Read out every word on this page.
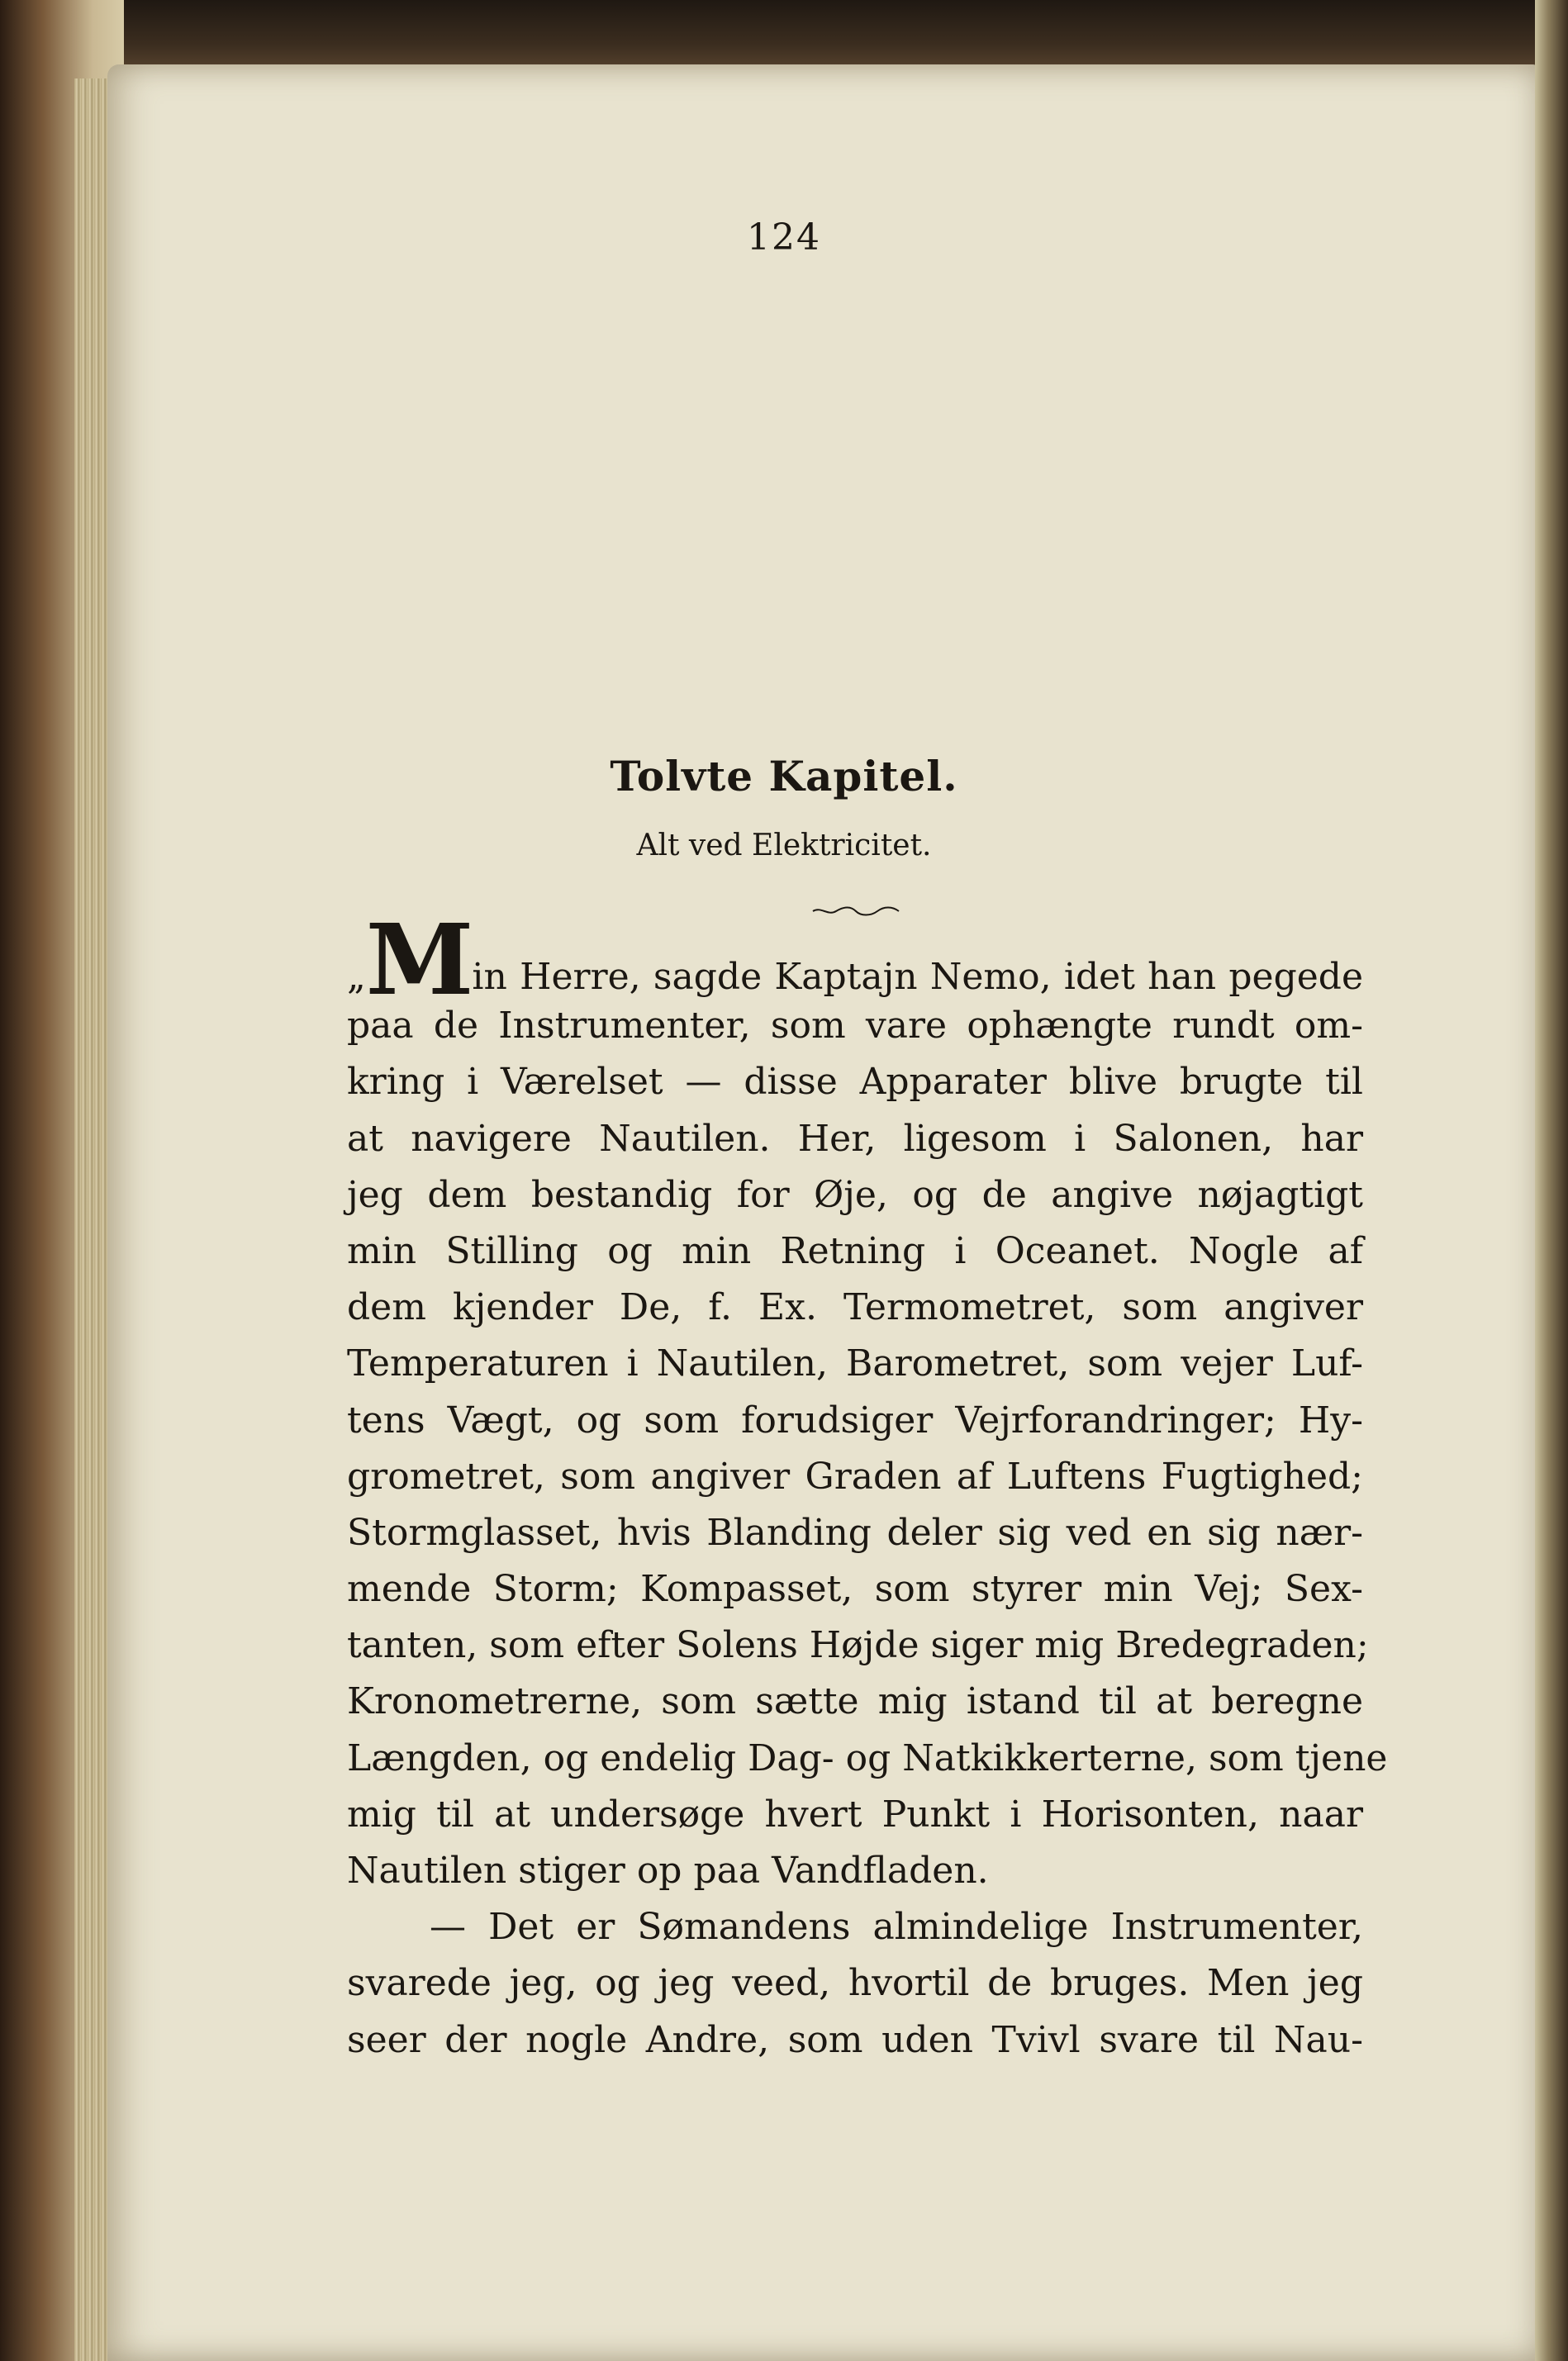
124
Tolvte Kapitel.
Alt ved Elektricitet.
„Min Herre, sagde Kaptajn Nemo, idet han pegede
paa de Instrumenter, som vare ophængte rundt om-
kring i Værelset — disse Apparater blive brugte til
at navigere Nautilen. Her, ligesom i Salonen, har
jeg dem bestandig for Øje, og de angive nøjagtigt
min Stilling og min Retning i Oceanet. Nogle af
dem kjender De, f. Ex. Termometret, som angiver
Temperaturen i Nautilen, Barometret, som vejer Luf-
tens Vægt, og som forudsiger Vejrforandringer; Hy-
grometret, som angiver Graden af Luftens Fugtighed;
Stormglasset, hvis Blanding deler sig ved en sig nær-
mende Storm; Kompasset, som styrer min Vej; Sex-
tanten, som efter Solens Højde siger mig Bredegraden;
Kronometrerne, som sætte mig istand til at beregne
Længden, og endelig Dag- og Natkikkerterne, som tjene
mig til at undersøge hvert Punkt i Horisonten, naar
Nautilen stiger op paa Vandfladen.
— Det er Sømandens almindelige Instrumenter,
svarede jeg, og jeg veed, hvortil de bruges. Men jeg
seer der nogle Andre, som uden Tvivl svare til Nau-
